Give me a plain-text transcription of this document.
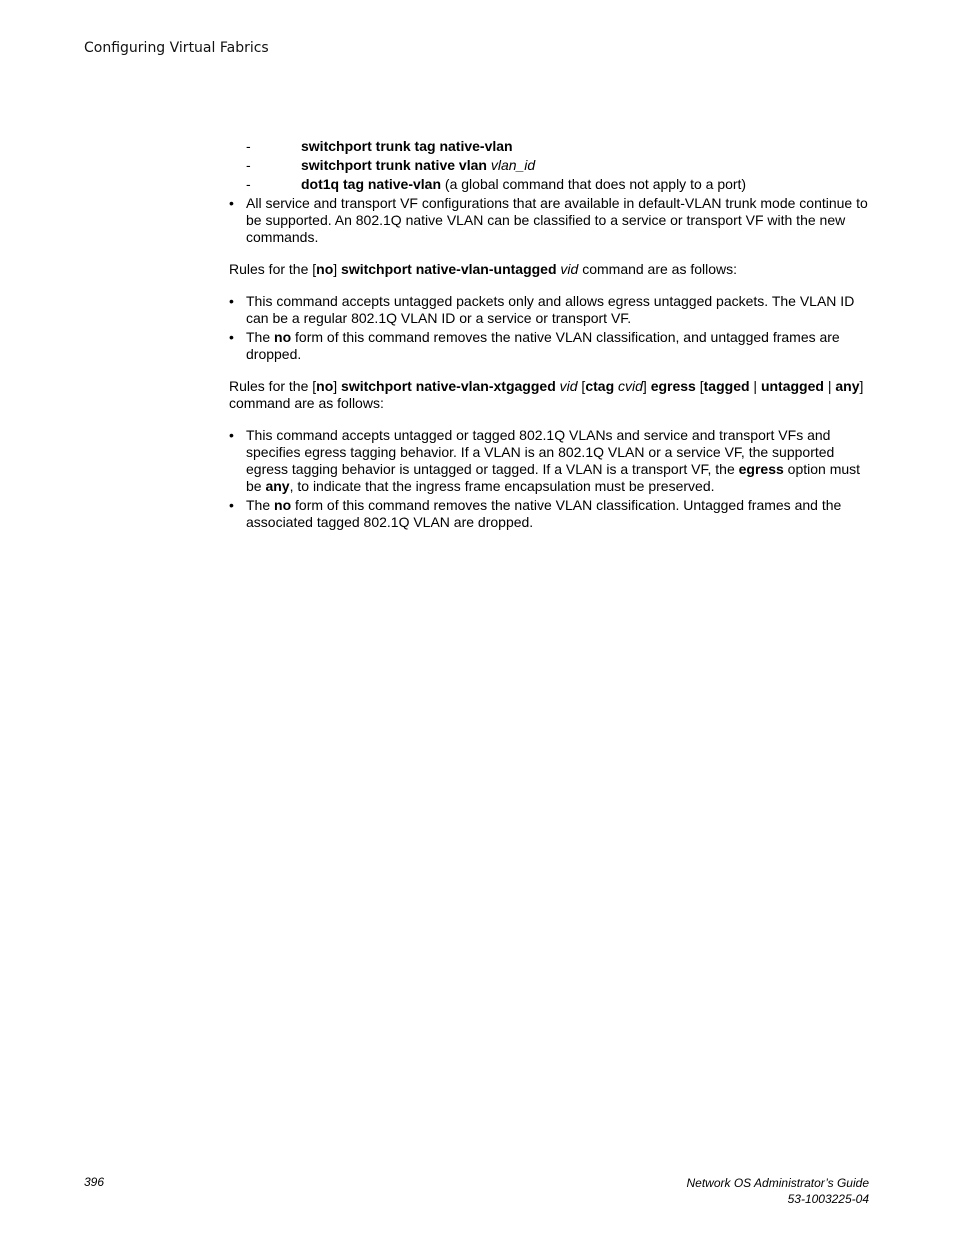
Configuring Virtual Fabrics
-	switchport trunk tag native-vlan
-	switchport trunk native vlan vlan_id
-	dot1q tag native-vlan (a global command that does not apply to a port)
• All service and transport VF configurations that are available in default-VLAN trunk mode continue to be supported. An 802.1Q native VLAN can be classified to a service or transport VF with the new commands.
Rules for the [no] switchport native-vlan-untagged vid command are as follows:
• This command accepts untagged packets only and allows egress untagged packets. The VLAN ID can be a regular 802.1Q VLAN ID or a service or transport VF.
• The no form of this command removes the native VLAN classification, and untagged frames are dropped.
Rules for the [no] switchport native-vlan-xtgagged vid [ctag cvid] egress [tagged | untagged | any] command are as follows:
• This command accepts untagged or tagged 802.1Q VLANs and service and transport VFs and specifies egress tagging behavior. If a VLAN is an 802.1Q VLAN or a service VF, the supported egress tagging behavior is untagged or tagged. If a VLAN is a transport VF, the egress option must be any, to indicate that the ingress frame encapsulation must be preserved.
• The no form of this command removes the native VLAN classification. Untagged frames and the associated tagged 802.1Q VLAN are dropped.
396	Network OS Administrator’s Guide
53-1003225-04
